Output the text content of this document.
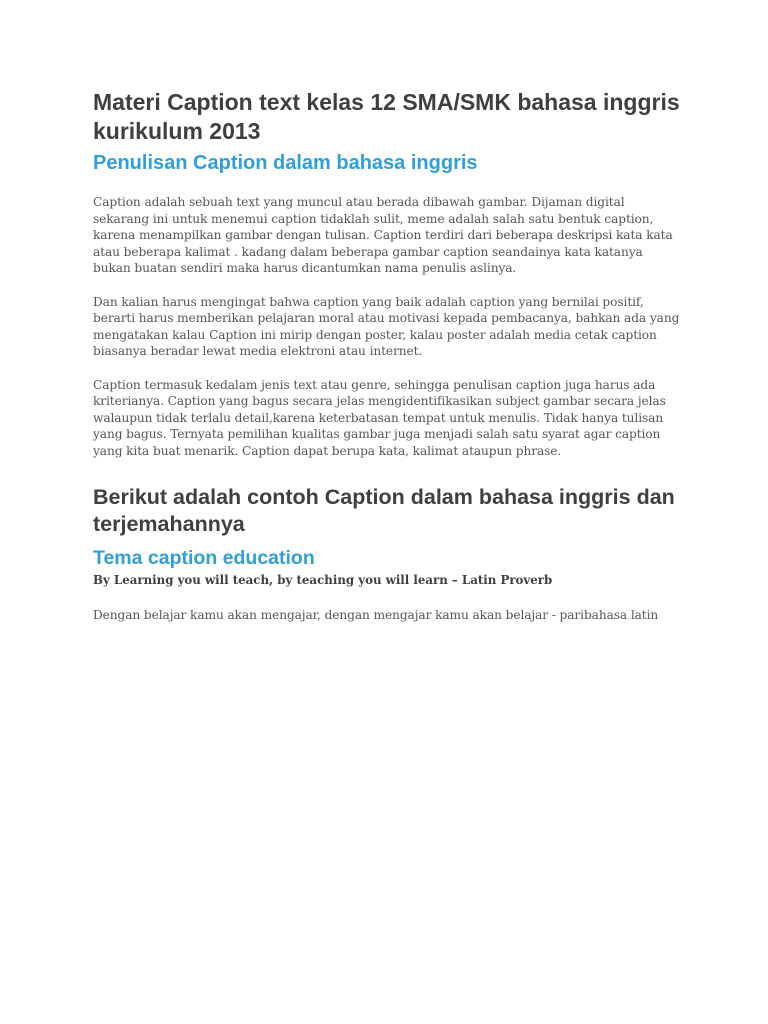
Materi Caption text kelas 12 SMA/SMK bahasa inggris kurikulum 2013
Penulisan Caption dalam bahasa inggris

Caption adalah sebuah text yang muncul atau berada dibawah gambar. Dijaman digital sekarang ini untuk menemui caption tidaklah sulit, meme adalah salah satu bentuk caption, karena menampilkan gambar dengan tulisan. Caption terdiri dari beberapa deskripsi kata kata atau beberapa kalimat . kadang dalam beberapa gambar caption seandainya kata katanya bukan buatan sendiri maka harus dicantumkan nama penulis aslinya.

Dan kalian harus mengingat bahwa caption yang baik adalah caption yang bernilai positif, berarti harus memberikan pelajaran moral atau motivasi kepada pembacanya, bahkan ada yang mengatakan kalau Caption ini mirip dengan poster, kalau poster adalah media cetak caption biasanya beradar lewat media elektroni atau internet.

Caption termasuk kedalam jenis text atau genre, sehingga penulisan caption juga harus ada kriterianya. Caption yang bagus secara jelas mengidentifikasikan subject gambar secara jelas walaupun tidak terlalu detail,karena keterbatasan tempat untuk menulis. Tidak hanya tulisan yang bagus. Ternyata pemilihan kualitas gambar juga menjadi salah satu syarat agar caption yang kita buat menarik. Caption dapat berupa kata, kalimat ataupun phrase.

Berikut adalah contoh Caption dalam bahasa inggris dan terjemahannya
Tema caption education

By Learning you will teach, by teaching you will learn – Latin Proverb

Dengan belajar kamu akan mengajar, dengan mengajar kamu akan belajar - paribahasa latin
